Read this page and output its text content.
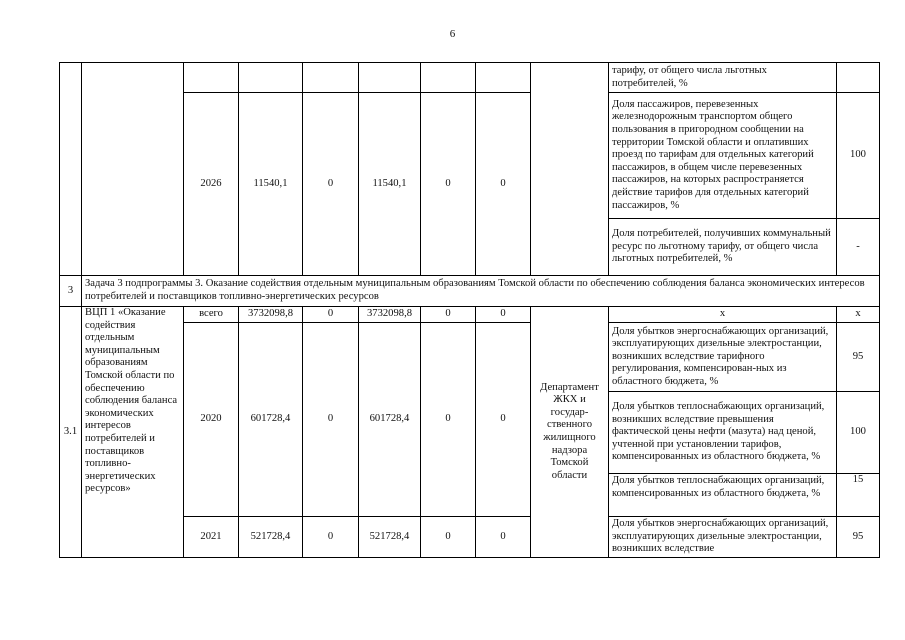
6
									тарифу, от общего числа льготных потребителей, %	
		2026	11540,1	0	11540,1	0	0		Доля пассажиров, перевезенных железнодорожным транспортом общего пользования в пригородном сообщении на территории Томской области и оплативших проезд по тарифам для отдельных категорий пассажиров, в общем числе перевезенных пассажиров, на которых распространяется действие тарифов для отдельных категорий пассажиров, %	100
									Доля потребителей, получивших коммунальный ресурс по льготному тарифу, от общего числа льготных потребителей, %	-
3	Задача 3 подпрограммы 3. Оказание содействия отдельным муниципальным образованиям Томской области по обеспечению соблюдения баланса экономических интересов потребителей и поставщиков топливно-энергетических ресурсов									
3.1	ВЦП 1 «Оказание содействия отдельным муниципальным образованиям Томской области по обеспечению соблюдения баланса экономических интересов потребителей и поставщиков топливно-энергетических ресурсов»	всего	3732098,8	0	3732098,8	0	0	Департамент ЖКХ и государ-ственного жилищного надзора Томской области	x	x
		2020	601728,4	0	601728,4	0	0		Доля убытков энергоснабжающих организаций, эксплуатирующих дизельные электростанции, возникших вследствие тарифного регулирования, компенсирован-ных из областного бюджета, %	95
									Доля убытков теплоснабжающих организаций, возникших вследствие превышения фактической цены нефти (мазута) над ценой, учтенной при установлении тарифов, компенсированных из областного бюджета, %	100
									Доля убытков теплоснабжающих организаций, компенсированных из областного бюджета, %	15
		2021	521728,4	0	521728,4	0	0		Доля убытков энергоснабжающих организаций, эксплуатирующих дизельные электростанции, возникших вследствие	95
